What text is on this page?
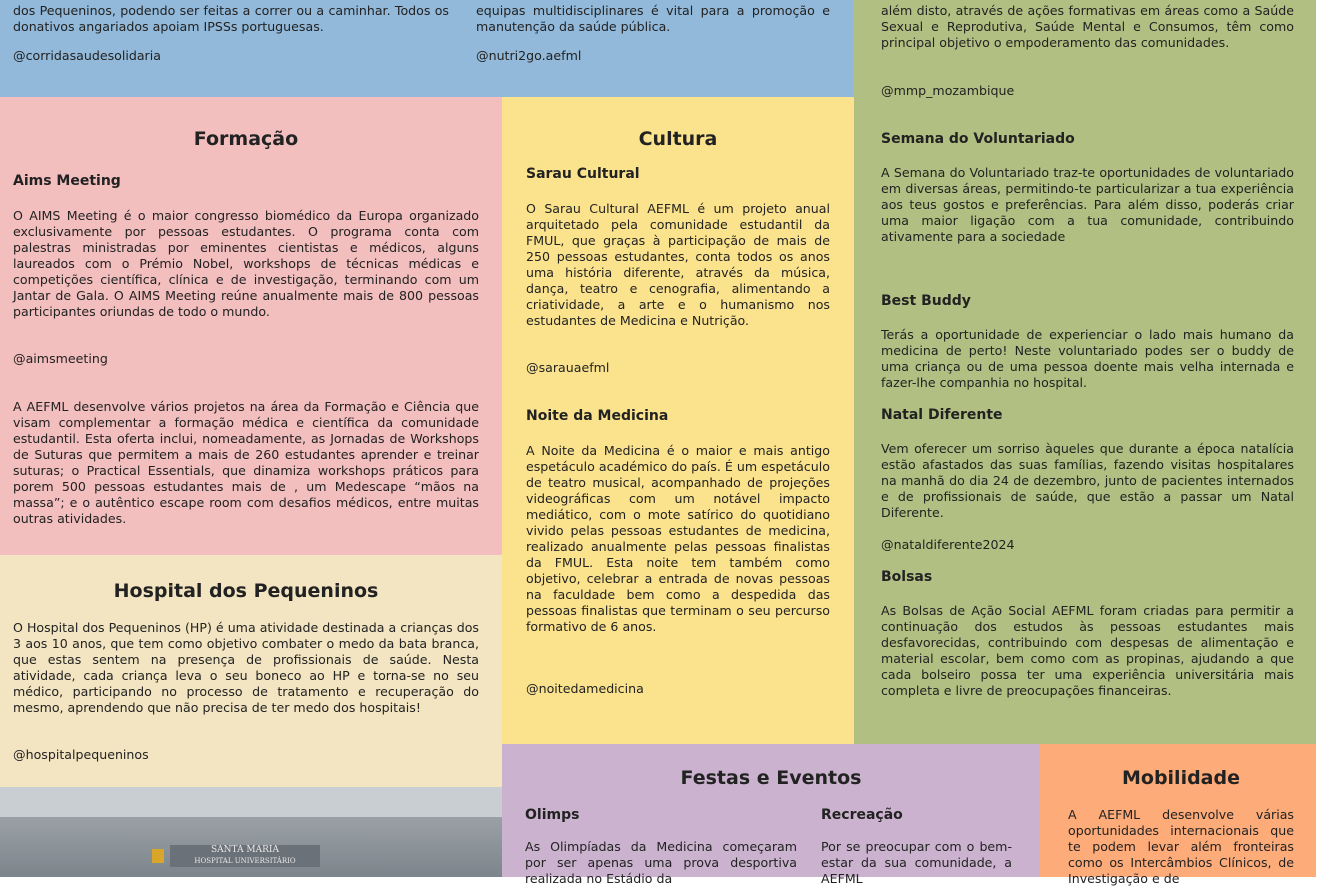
dos Pequeninos, podendo ser feitas a correr ou a caminhar. Todos os donativos angariados apoiam IPSSs portuguesas.

@corridasaudesolidaria

equipas multidisciplinares é vital para a promoção e manutenção da saúde pública.

@nutri2go.aefml

além disto, através de ações formativas em áreas como a Saúde Sexual e Reprodutiva, Saúde Mental e Consumos, têm como principal objetivo o empoderamento das comunidades.

@mmp_mozambique

Semana do Voluntariado

A Semana do Voluntariado traz-te oportunidades de voluntariado em diversas áreas, permitindo-te particularizar a tua experiência aos teus gostos e preferências. Para além disso, poderás criar uma maior ligação com a tua comunidade, contribuindo ativamente para a sociedade

Best Buddy

Terás a oportunidade de experienciar o lado mais humano da medicina de perto! Neste voluntariado podes ser o buddy de uma criança ou de uma pessoa doente mais velha internada e fazer-lhe companhia no hospital.

Natal Diferente

Vem oferecer um sorriso àqueles que durante a época natalícia estão afastados das suas famílias, fazendo visitas hospitalares na manhã do dia 24 de dezembro, junto de pacientes internados e de profissionais de saúde, que estão a passar um Natal Diferente.

@nataldiferente2024

Bolsas

As Bolsas de Ação Social AEFML foram criadas para permitir a continuação dos estudos às pessoas estudantes mais desfavorecidas, contribuindo com despesas de alimentação e material escolar, bem como com as propinas, ajudando a que cada bolseiro possa ter uma experiência universitária mais completa e livre de preocupações financeiras.

Formação

Aims Meeting

O AIMS Meeting é o maior congresso biomédico da Europa organizado exclusivamente por pessoas estudantes. O programa conta com palestras ministradas por eminentes cientistas e médicos, alguns laureados com o Prémio Nobel, workshops de técnicas médicas e competições científica, clínica e de investigação, terminando com um Jantar de Gala. O AIMS Meeting reúne anualmente mais de 800 pessoas participantes oriundas de todo o mundo.

@aimsmeeting

A AEFML desenvolve vários projetos na área da Formação e Ciência que visam complementar a formação médica e científica da comunidade estudantil. Esta oferta inclui, nomeadamente, as Jornadas de Workshops de Suturas que permitem a mais de 260 estudantes aprender e treinar suturas; o Practical Essentials, que dinamiza workshops práticos para porem 500 pessoas estudantes mais de , um Medescape “mãos na massa”; e o autêntico escape room com desafios médicos, entre muitas outras atividades.

Cultura

Sarau Cultural

O Sarau Cultural AEFML é um projeto anual arquitetado pela comunidade estudantil da FMUL, que graças à participação de mais de 250 pessoas estudantes, conta todos os anos uma história diferente, através da música, dança, teatro e cenografia, alimentando a criatividade, a arte e o humanismo nos estudantes de Medicina e Nutrição.

@sarauaefml

Noite da Medicina

A Noite da Medicina é o maior e mais antigo espetáculo académico do país. É um espetáculo de teatro musical, acompanhado de projeções videográficas com um notável impacto mediático, com o mote satírico do quotidiano vivido pelas pessoas estudantes de medicina, realizado anualmente pelas pessoas finalistas da FMUL. Esta noite tem também como objetivo, celebrar a entrada de novas pessoas na faculdade bem como a despedida das pessoas finalistas que terminam o seu percurso formativo de 6 anos.

@noitedamedicina

Hospital dos Pequeninos

O Hospital dos Pequeninos (HP) é uma atividade destinada a crianças dos 3 aos 10 anos, que tem como objetivo combater o medo da bata branca, que estas sentem na presença de profissionais de saúde. Nesta atividade, cada criança leva o seu boneco ao HP e torna-se no seu médico, participando no processo de tratamento e recuperação do mesmo, aprendendo que não precisa de ter medo dos hospitais!

@hospitalpequeninos

SANTA MARIA
HOSPITAL UNIVERSITÁRIO
Festas e Eventos

Olimps

As Olimpíadas da Medicina começaram por ser apenas uma prova desportiva realizada no Estádio da

Recreação

Por se preocupar com o bem-estar da sua comunidade, a AEFML

Mobilidade

A AEFML desenvolve várias oportunidades internacionais que te podem levar além fronteiras como os Intercâmbios Clínicos, de Investigação e de
